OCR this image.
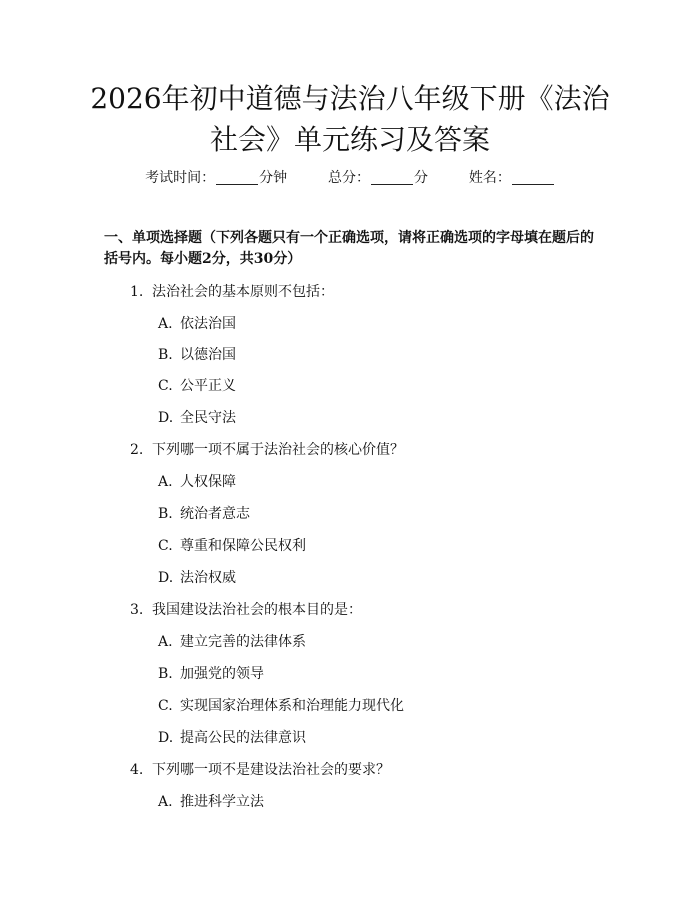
2026年初中道德与法治八年级下册《法治社会》单元练习及答案
考试时间：	分钟	总分：	分	姓名：
一、单项选择题（下列各题只有一个正确选项，请将正确选项的字母填在题后的括号内。每小题2分，共30分）
1. 法治社会的基本原则不包括：
A. 依法治国
B. 以德治国
C. 公平正义
D. 全民守法
2. 下列哪一项不属于法治社会的核心价值？
A. 人权保障
B. 统治者意志
C. 尊重和保障公民权利
D. 法治权威
3. 我国建设法治社会的根本目的是：
A. 建立完善的法律体系
B. 加强党的领导
C. 实现国家治理体系和治理能力现代化
D. 提高公民的法律意识
4. 下列哪一项不是建设法治社会的要求？
A. 推进科学立法
